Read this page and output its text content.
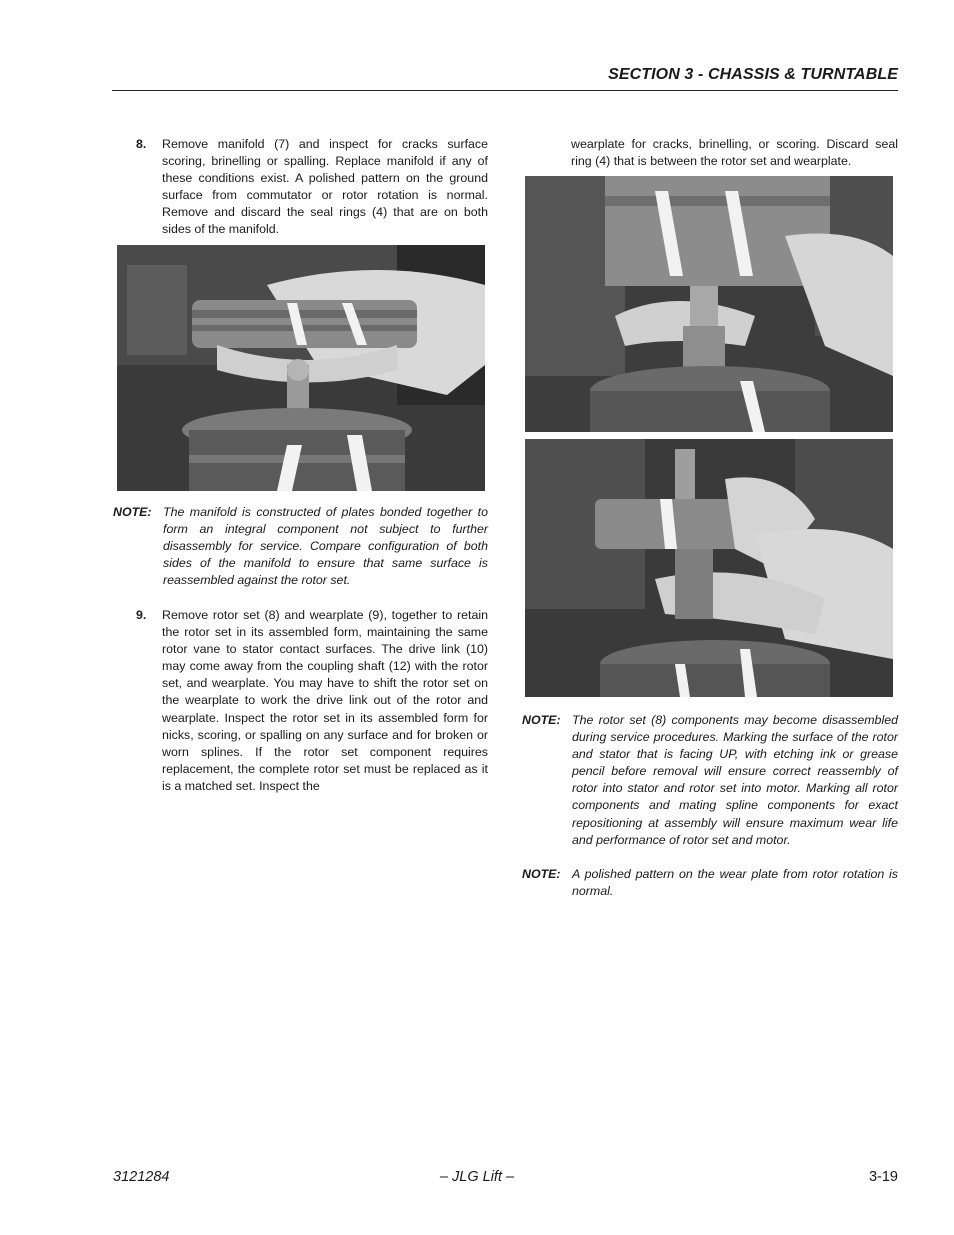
SECTION 3 - CHASSIS & TURNTABLE
8. Remove manifold (7) and inspect for cracks surface scoring, brinelling or spalling. Replace manifold if any of these conditions exist. A polished pattern on the ground surface from commutator or rotor rotation is normal. Remove and discard the seal rings (4) that are on both sides of the manifold.
NOTE: The manifold is constructed of plates bonded together to form an integral component not subject to further disassembly for service. Compare configuration of both sides of the manifold to ensure that same surface is reassembled against the rotor set.
9. Remove rotor set (8) and wearplate (9), together to retain the rotor set in its assembled form, maintaining the same rotor vane to stator contact surfaces. The drive link (10) may come away from the coupling shaft (12) with the rotor set, and wearplate. You may have to shift the rotor set on the wearplate to work the drive link out of the rotor and wearplate. Inspect the rotor set in its assembled form for nicks, scoring, or spalling on any surface and for broken or worn splines. If the rotor set component requires replacement, the complete rotor set must be replaced as it is a matched set. Inspect the
wearplate for cracks, brinelling, or scoring. Discard seal ring (4) that is between the rotor set and wearplate.
NOTE: The rotor set (8) components may become disassembled during service procedures. Marking the surface of the rotor and stator that is facing UP, with etching ink or grease pencil before removal will ensure correct reassembly of rotor into stator and rotor set into motor. Marking all rotor components and mating spline components for exact repositioning at assembly will ensure maximum wear life and performance of rotor set and motor.
NOTE: A polished pattern on the wear plate from rotor rotation is normal.
3121284	– JLG Lift –	3-19
